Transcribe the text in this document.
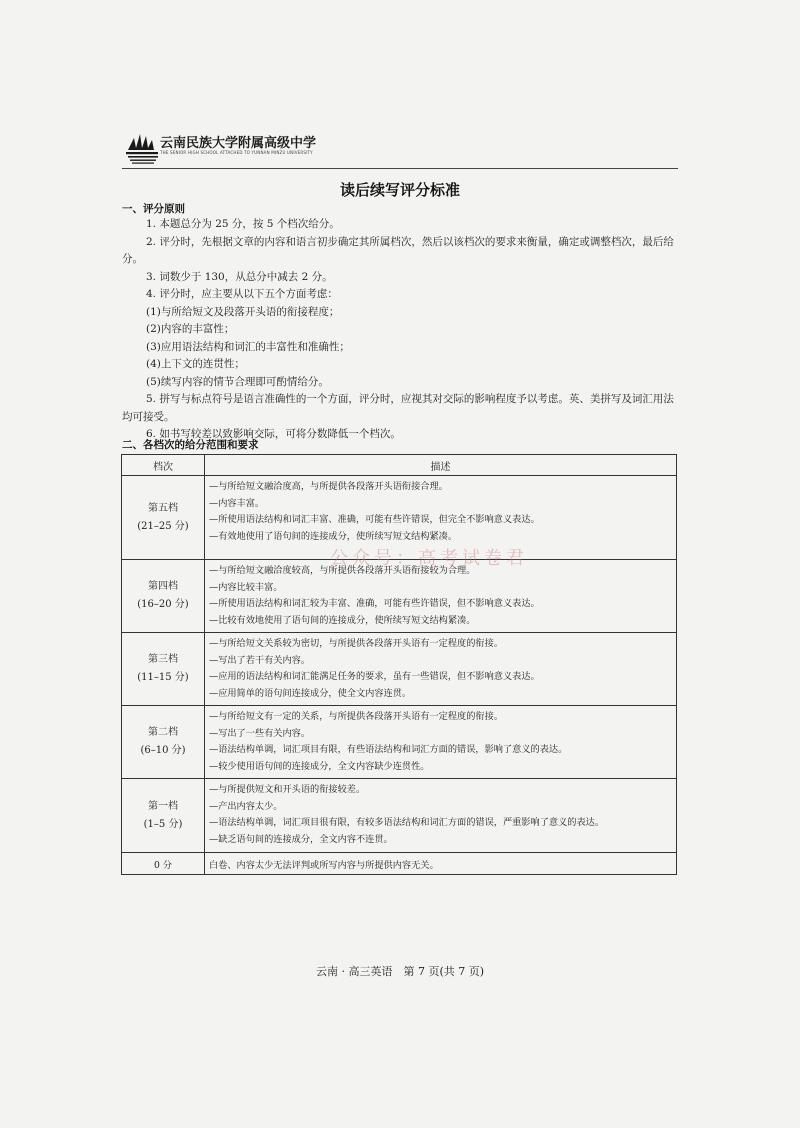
云南民族大学附属高级中学
THE SENIOR HIGH SCHOOL ATTACHED TO YUNNAN MINZU UNIVERSITY
读后续写评分标准
一、评分原则

1. 本题总分为 25 分，按 5 个档次给分。

2. 评分时，先根据文章的内容和语言初步确定其所属档次，然后以该档次的要求来衡量，确定或调整档次，最后给分。

3. 词数少于 130，从总分中减去 2 分。

4. 评分时，应主要从以下五个方面考虑：

(1)与所给短文及段落开头语的衔接程度；

(2)内容的丰富性；

(3)应用语法结构和词汇的丰富性和准确性；

(4)上下文的连贯性；

(5)续写内容的情节合理即可酌情给分。

5. 拼写与标点符号是语言准确性的一个方面，评分时，应视其对交际的影响程度予以考虑。英、美拼写及词汇用法均可接受。

6. 如书写较差以致影响交际，可将分数降低一个档次。

二、各档次的给分范围和要求
档次	描述

第五档
(21–25 分)	—与所给短文融洽度高，与所提供各段落开头语衔接合理。
—内容丰富。
—所使用语法结构和词汇丰富、准确，可能有些许错误，但完全不影响意义表达。
—有效地使用了语句间的连接成分，使所续写短文结构紧凑。

第四档
(16–20 分)	—与所给短文融洽度较高，与所提供各段落开头语衔接较为合理。
—内容比较丰富。
—所使用语法结构和词汇较为丰富、准确，可能有些许错误，但不影响意义表达。
—比较有效地使用了语句间的连接成分，使所续写短文结构紧凑。

第三档
(11–15 分)	—与所给短文关系较为密切，与所提供各段落开头语有一定程度的衔接。
—写出了若干有关内容。
—应用的语法结构和词汇能满足任务的要求，虽有一些错误，但不影响意义表达。
—应用简单的语句间连接成分，使全文内容连贯。

第二档
(6–10 分)	—与所给短文有一定的关系，与所提供各段落开头语有一定程度的衔接。
—写出了一些有关内容。
—语法结构单调，词汇项目有限，有些语法结构和词汇方面的错误，影响了意义的表达。
—较少使用语句间的连接成分，全文内容缺少连贯性。

第一档
(1–5 分)	—与所提供短文和开头语的衔接较差。
—产出内容太少。
—语法结构单调，词汇项目很有限，有较多语法结构和词汇方面的错误，严重影响了意义的表达。
—缺乏语句间的连接成分，全文内容不连贯。

0 分	白卷、内容太少无法评判或所写内容与所提供内容无关。
公众号：高考试卷君
云南 · 高三英语　第 7 页(共 7 页)
